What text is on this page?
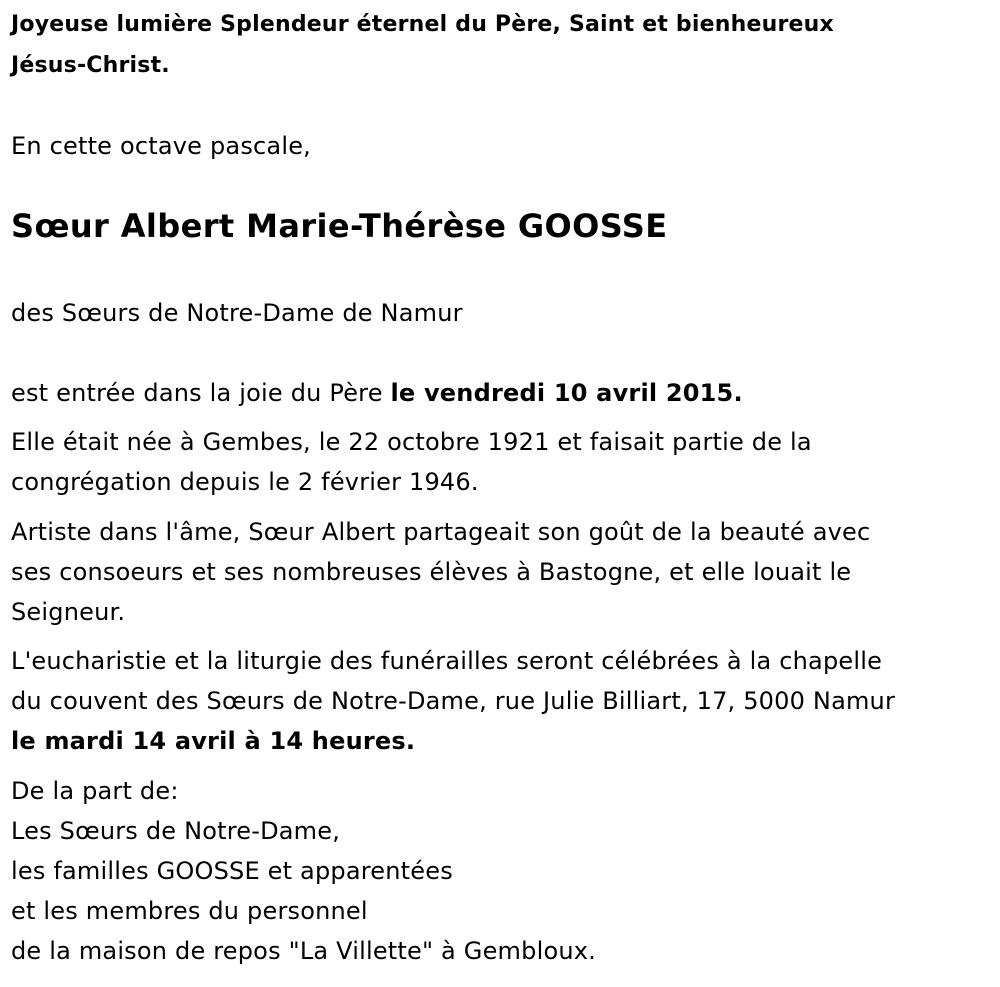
Joyeuse lumière Splendeur éternel du Père, Saint et bienheureux
Jésus-Christ.
En cette octave pascale,
Sœur Albert Marie-Thérèse GOOSSE
des Sœurs de Notre-Dame de Namur
est entrée dans la joie du Père le vendredi 10 avril 2015.
Elle était née à Gembes, le 22 octobre 1921 et faisait partie de la
congrégation depuis le 2 février 1946.
Artiste dans l'âme, Sœur Albert partageait son goût de la beauté avec
ses consoeurs et ses nombreuses élèves à Bastogne, et elle louait le
Seigneur.
L'eucharistie et la liturgie des funérailles seront célébrées à la chapelle
du couvent des Sœurs de Notre-Dame, rue Julie Billiart, 17, 5000 Namur
le mardi 14 avril à 14 heures.
De la part de:
Les Sœurs de Notre-Dame,
les familles GOOSSE et apparentées
et les membres du personnel
de la maison de repos "La Villette" à Gembloux.
